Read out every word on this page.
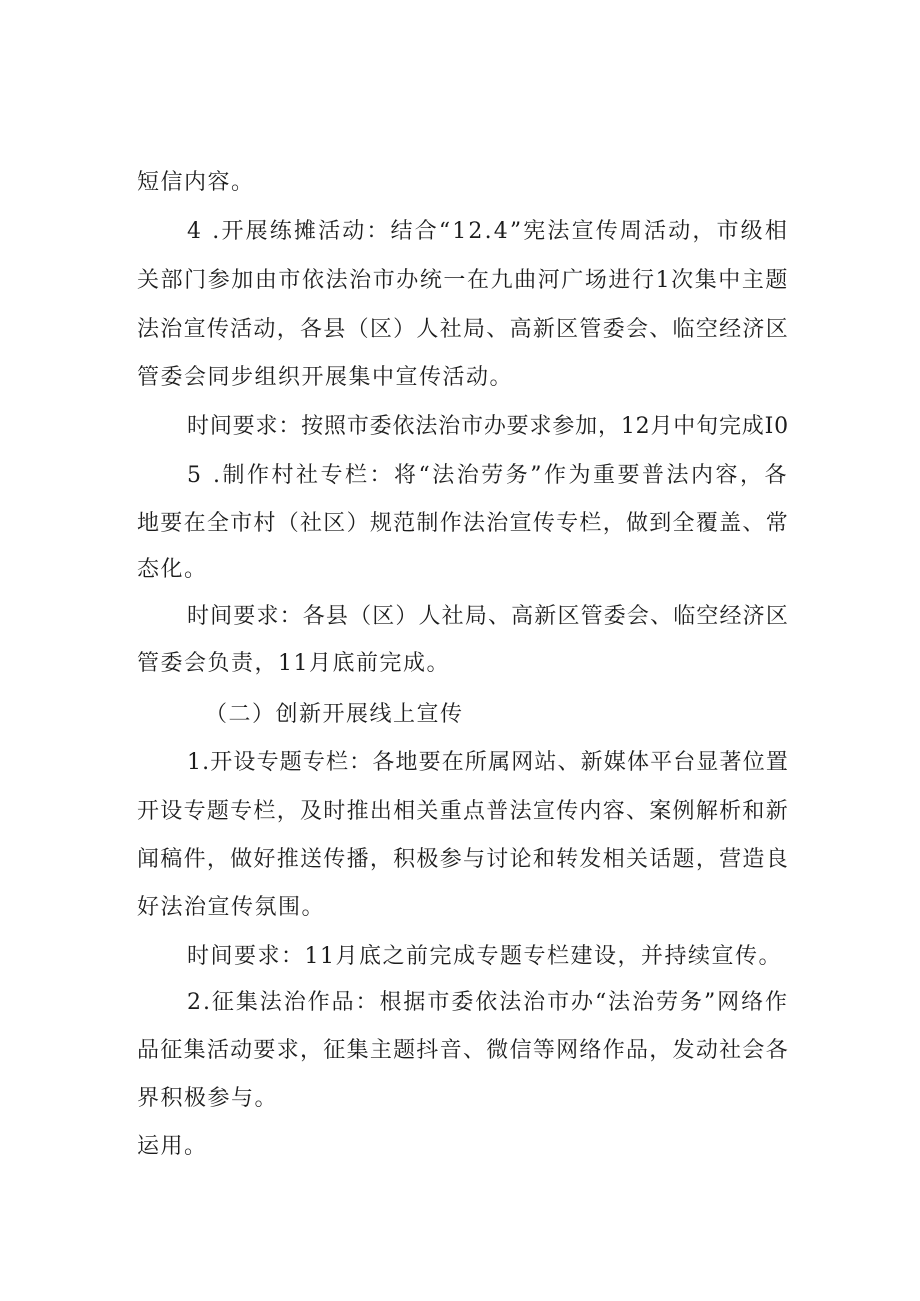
短信内容。
4 .开展练摊活动：结合“12.4”宪法宣传周活动，市级相
关部门参加由市依法治市办统一在九曲河广场进行1次集中主题
法治宣传活动，各县（区）人社局、高新区管委会、临空经济区
管委会同步组织开展集中宣传活动。
时间要求：按照市委依法治市办要求参加，12月中旬完成I0
5 .制作村社专栏：将“法治劳务”作为重要普法内容，各
地要在全市村（社区）规范制作法治宣传专栏，做到全覆盖、常
态化。
时间要求：各县（区）人社局、高新区管委会、临空经济区
管委会负责，11月底前完成。
（二）创新开展线上宣传
1.开设专题专栏：各地要在所属网站、新媒体平台显著位置
开设专题专栏，及时推出相关重点普法宣传内容、案例解析和新
闻稿件，做好推送传播，积极参与讨论和转发相关话题，营造良
好法治宣传氛围。
时间要求：11月底之前完成专题专栏建设，并持续宣传。
2.征集法治作品：根据市委依法治市办“法治劳务”网络作
品征集活动要求，征集主题抖音、微信等网络作品，发动社会各
界积极参与。
运用。
